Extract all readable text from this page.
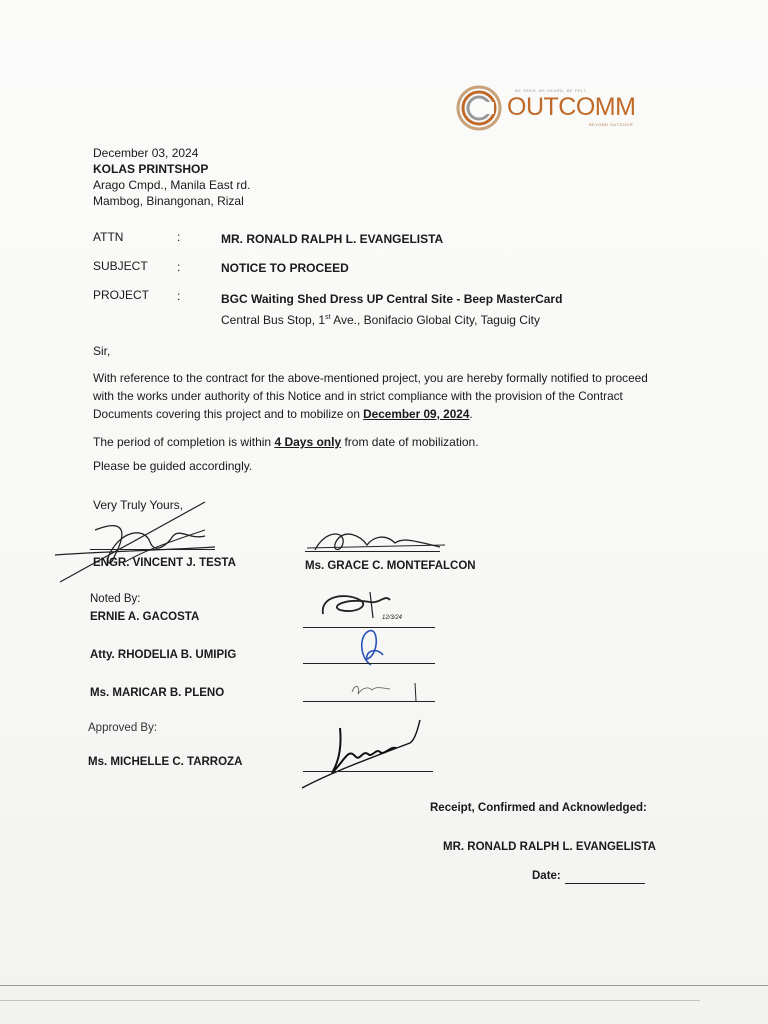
BE SEEN. BE HEARD. BE FELT.
OUTCOMM
BEYOND OUTDOOR
December 03, 2024
KOLAS PRINTSHOP
Arago Cmpd., Manila East rd.
Mambog, Binangonan, Rizal
ATTN	:	MR. RONALD RALPH L. EVANGELISTA
SUBJECT :	NOTICE TO PROCEED
PROJECT :	BGC Waiting Shed Dress UP Central Site - Beep MasterCard
Central Bus Stop, 1st Ave., Bonifacio Global City, Taguig City
Sir,
With reference to the contract for the above-mentioned project, you are hereby formally notified to proceed with the works under authority of this Notice and in strict compliance with the provision of the Contract Documents covering this project and to mobilize on December 09, 2024.
The period of completion is within 4 Days only from date of mobilization.
Please be guided accordingly.
Very Truly Yours,
ENGR. VINCENT J. TESTA	Ms. GRACE C. MONTEFALCON
Noted By:
ERNIE A. GACOSTA	12/3/24
Atty. RHODELIA B. UMIPIG
Ms. MARICAR B. PLENO
Approved By:
Ms. MICHELLE C. TARROZA
Receipt, Confirmed and Acknowledged:
MR. RONALD RALPH L. EVANGELISTA
Date:
